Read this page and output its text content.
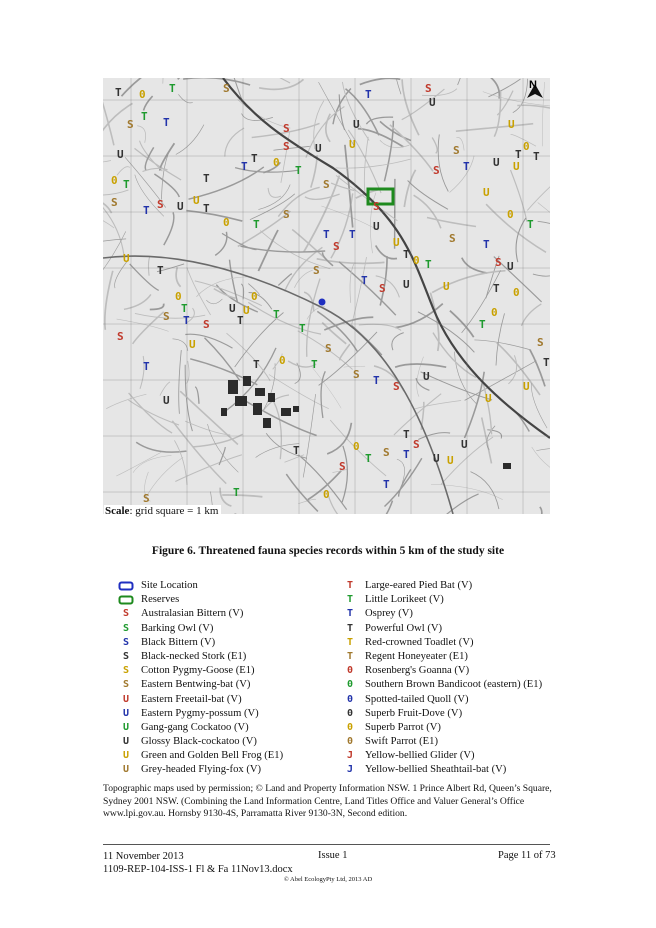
T 0 T	S	T	S
U
U
T
0
T
S	T
S U U
T 0
T
S
T
S
U U
T
0 T
S
T S U U
T
0 T
S
T
S
U
U
T 0 T
S T
S U
U
T
0
T
S T S
U U
T
0
T
S
T
S U	U	T 0
T
S
T
S
U
U
T 0 T
S T S
U
U
T
0
T S T
S
U U
T
0
T
S
T
S
U
U
T
0
T
S
T
S
U
U
T
0
T
S
T
S	U
N
Scale: grid square = 1 km
Figure 6. Threatened fauna species records within 5 km of the study site
Site Location
Reserves
S	Australasian Bittern (V)
S	Barking Owl (V)
S	Black Bittern (V)
S	Black-necked Stork (E1)
S	Cotton Pygmy-Goose (E1)
S	Eastern Bentwing-bat (V)
U	Eastern Freetail-bat (V)
U	Eastern Pygmy-possum (V)
U	Gang-gang Cockatoo (V)
U	Glossy Black-cockatoo (V)
U	Green and Golden Bell Frog (E1)
U	Grey-headed Flying-fox (V)
T	Large-eared Pied Bat (V)
T	Little Lorikeet (V)
T	Osprey (V)
T	Powerful Owl (V)
T	Red-crowned Toadlet (V)
T	Regent Honeyeater (E1)
0	Rosenberg's Goanna (V)
0	Southern Brown Bandicoot (eastern) (E1)
0	Spotted-tailed Quoll (V)
0	Superb Fruit-Dove (V)
0	Superb Parrot (V)
0	Swift Parrot (E1)
J	Yellow-bellied Glider (V)
J	Yellow-bellied Sheathtail-bat (V)
Topographic maps used by permission; © Land and Property Information NSW. 1 Prince Albert Rd, Queen’s Square, Sydney 2001 NSW. (Combining the Land Information Centre, Land Titles Office and Valuer General’s Office www.lpi.gov.au. Hornsby 9130-4S, Parramatta River 9130-3N, Second edition.
11 November 2013
1109-REP-104-ISS-1 Fl & Fa 11Nov13.docx
Issue 1	Page 11 of 73
© Abel EcologyPty Ltd, 2013 AD
